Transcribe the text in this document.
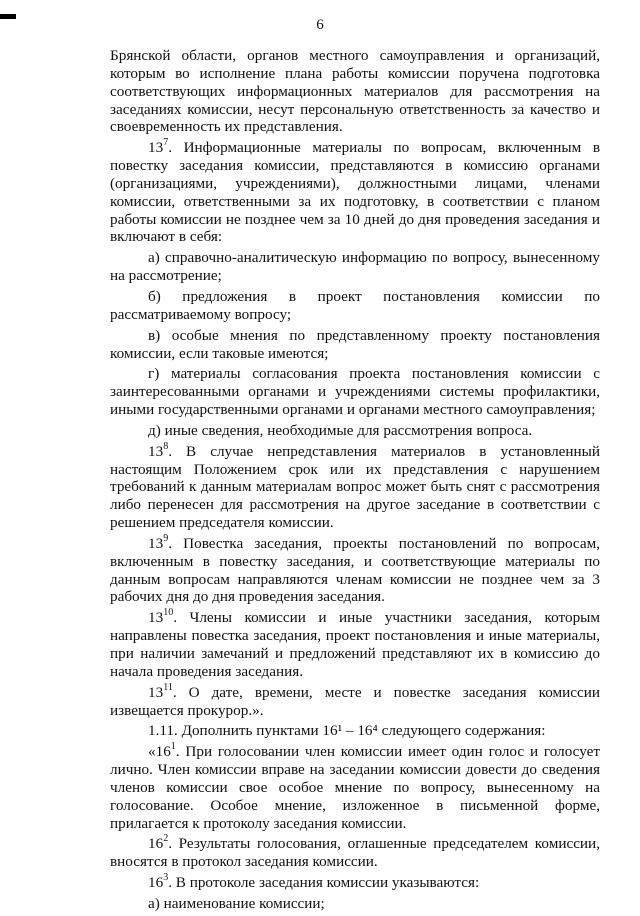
6

Брянской области, органов местного самоуправления и организаций, которым во исполнение плана работы комиссии поручена подготовка соответствующих информационных материалов для рассмотрения на заседаниях комиссии, несут персональную ответственность за качество и своевременность их представления.

$13^7$. Информационные материалы по вопросам, включенным в повестку заседания комиссии, представляются в комиссию органами (организациями, учреждениями), должностными лицами, членами комиссии, ответственными за их подготовку, в соответствии с планом работы комиссии не позднее чем за 10 дней до дня проведения заседания и включают в себя:

а) справочно-аналитическую информацию по вопросу, вынесенному на рассмотрение;

б) предложения в проект постановления комиссии по рассматриваемому вопросу;

в) особые мнения по представленному проекту постановления комиссии, если таковые имеются;

г) материалы согласования проекта постановления комиссии с заинтересованными органами и учреждениями системы профилактики, иными государственными органами и органами местного самоуправления;

д) иные сведения, необходимые для рассмотрения вопроса.

$13^8$. В случае непредставления материалов в установленный настоящим Положением срок или их представления с нарушением требований к данным материалам вопрос может быть снят с рассмотрения либо перенесен для рассмотрения на другое заседание в соответствии с решением председателя комиссии.

$13^9$. Повестка заседания, проекты постановлений по вопросам, включенным в повестку заседания, и соответствующие материалы по данным вопросам направляются членам комиссии не позднее чем за 3 рабочих дня до дня проведения заседания.

$13^{10}$. Члены комиссии и иные участники заседания, которым направлены повестка заседания, проект постановления и иные материалы, при наличии замечаний и предложений представляют их в комиссию до начала проведения заседания.

$13^{11}$. О дате, времени, месте и повестке заседания комиссии извещается прокурор.».

1.11. Дополнить пунктами 16¹ – 16⁴ следующего содержания:

«$16^1$. При голосовании член комиссии имеет один голос и голосует лично. Член комиссии вправе на заседании комиссии довести до сведения членов комиссии свое особое мнение по вопросу, вынесенному на голосование. Особое мнение, изложенное в письменной форме, прилагается к протоколу заседания комиссии.

$16^2$. Результаты голосования, оглашенные председателем комиссии, вносятся в протокол заседания комиссии.

$16^3$. В протоколе заседания комиссии указываются:

а) наименование комиссии;
